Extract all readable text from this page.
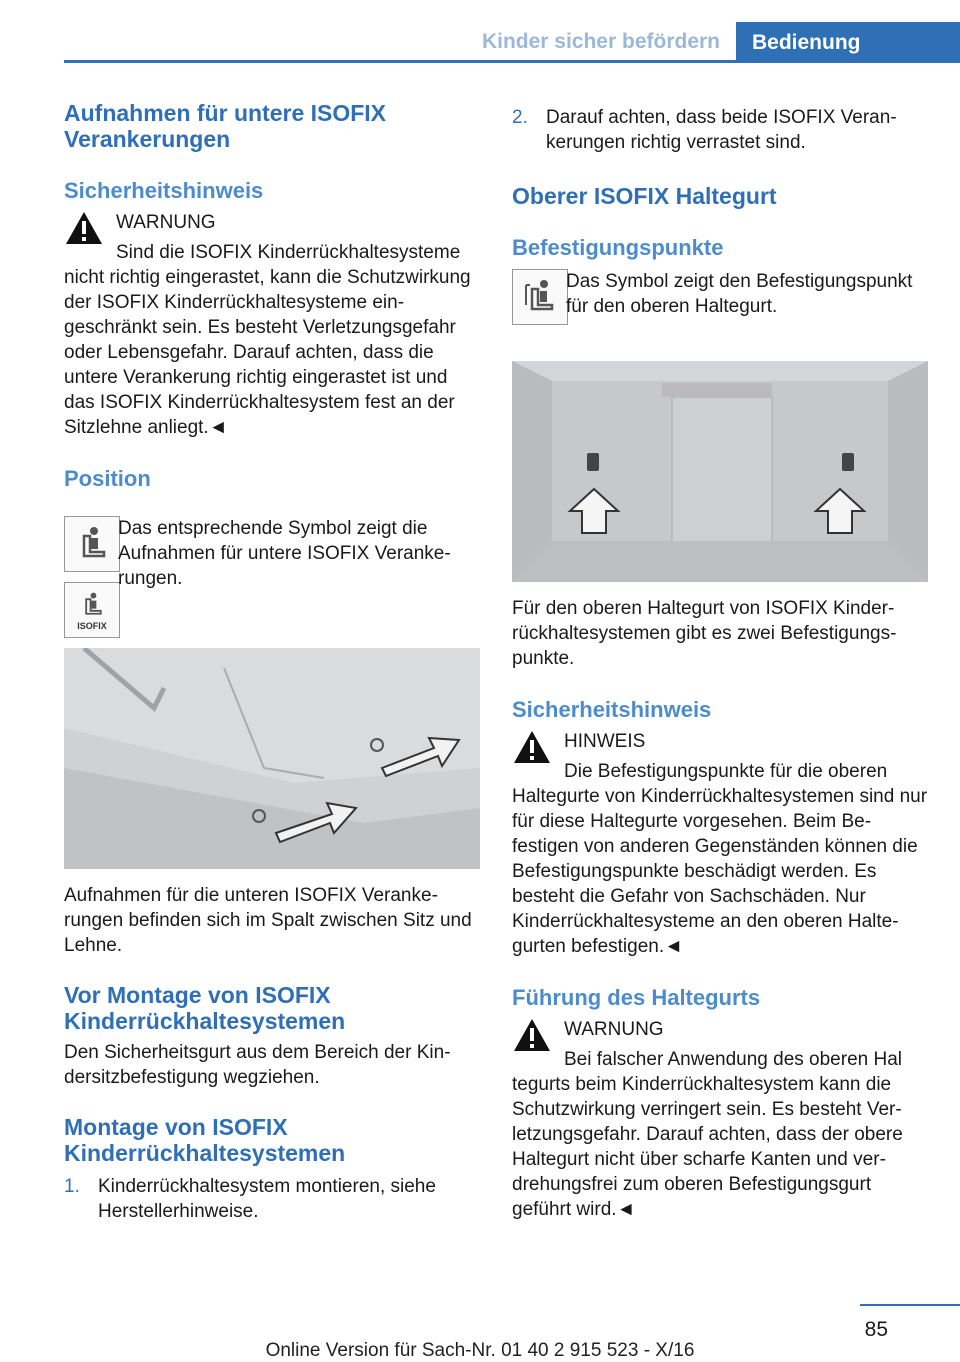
Kinder sicher befördern	Bedienung
Aufnahmen für untere ISOFIX Verankerungen
Sicherheitshinweis
WARNUNG

Sind die ISOFIX Kinderrückhaltesysteme

nicht richtig eingerastet, kann die Schutzwirkung der ISOFIX Kinderrückhaltesysteme eingeschränkt sein. Es besteht Verletzungsgefahr oder Lebensgefahr. Darauf achten, dass die untere Verankerung richtig eingerastet ist und das ISOFIX Kinderrückhaltesystem fest an der Sitzlehne anliegt.◄

Position
ISOFIX

Das entsprechende Symbol zeigt die Aufnahmen für untere ISOFIX Verankerungen.

Aufnahmen für die unteren ISOFIX Verankerungen befinden sich im Spalt zwischen Sitz und Lehne.

Vor Montage von ISOFIX Kinderrückhaltesystemen

Den Sicherheitsgurt aus dem Bereich der Kindersitzbefestigung wegziehen.

Montage von ISOFIX Kinderrückhaltesystemen
1. Kinderrückhaltesystem montieren, siehe Herstellerhinweise.
2. Darauf achten, dass beide ISOFIX Verankerungen richtig verrastet sind.
Oberer ISOFIX Haltegurt
Befestigungspunkte

Das Symbol zeigt den Befestigungspunkt für den oberen Haltegurt.

Für den oberen Haltegurt von ISOFIX Kinderrückhaltesystemen gibt es zwei Befestigungspunkte.

Sicherheitshinweis
HINWEIS

Die Befestigungspunkte für die oberen

Haltegurte von Kinderrückhaltesystemen sind nur für diese Haltegurte vorgesehen. Beim Befestigen von anderen Gegenständen können die Befestigungspunkte beschädigt werden. Es besteht die Gefahr von Sachschäden. Nur Kinderrückhaltesysteme an den oberen Haltegurten befestigen.◄

Führung des Haltegurts
WARNUNG

Bei falscher Anwendung des oberen Hal

tegurts beim Kinderrückhaltesystem kann die Schutzwirkung verringert sein. Es besteht Verletzungsgefahr. Darauf achten, dass der obere Haltegurt nicht über scharfe Kanten und verdrehungsfrei zum oberen Befestigungsgurt geführt wird.◄

85
Online Version für Sach-Nr. 01 40 2 915 523 - X/16
